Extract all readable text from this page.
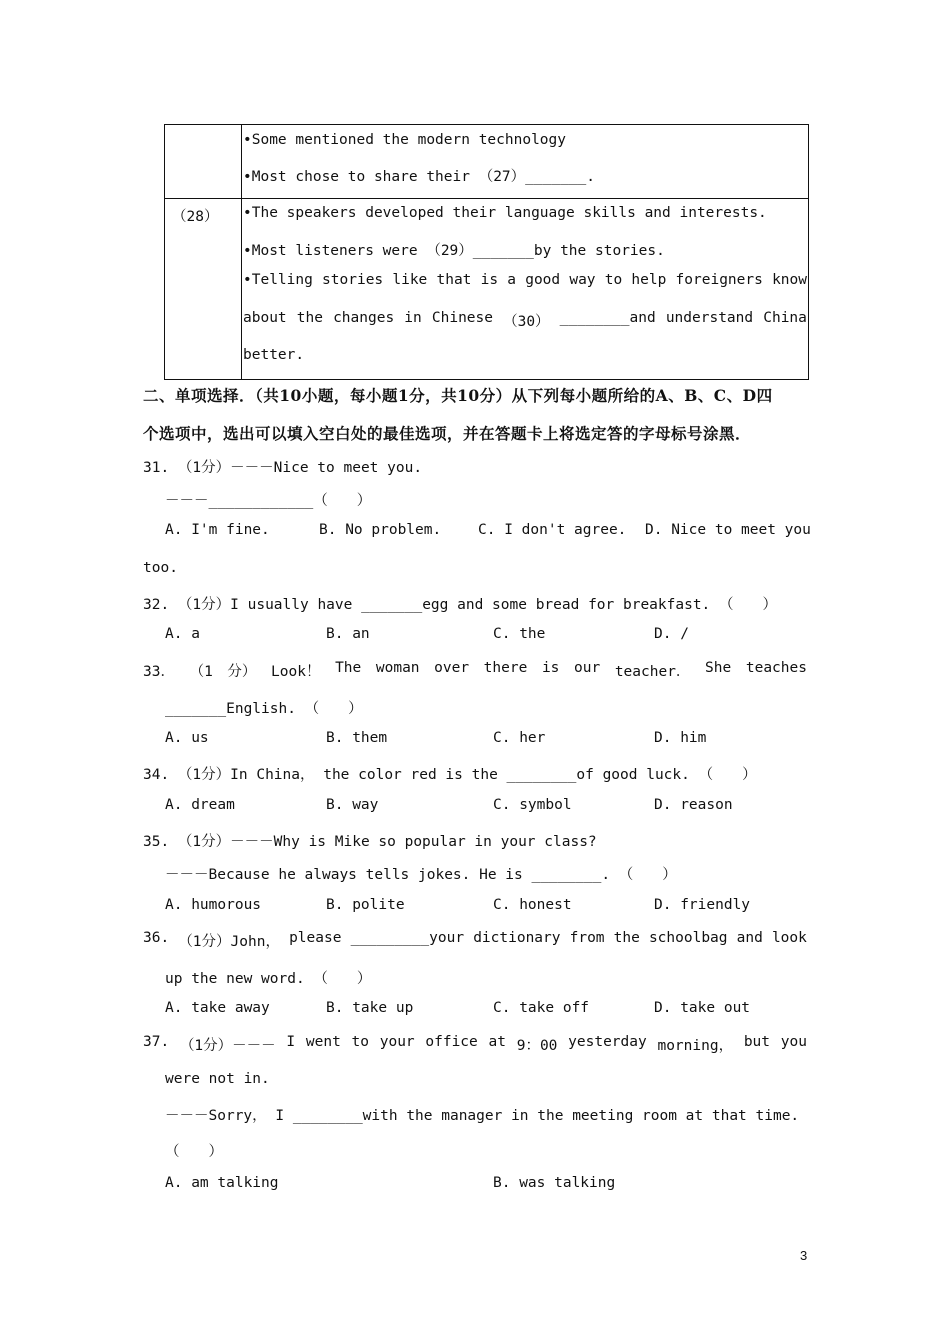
•Some mentioned the modern technology
•Most chose to share their （27）_______.
（28） •The speakers developed their language skills and interests.
•Most listeners were （29）_______by the stories.
•Telling stories like that is a good way to help foreigners know
about the changes in Chinese （30） ________and understand China
better.
二、单项选择．（共10小题，每小题1分，共10分）从下列每小题所给的A、B、C、D四
个选项中，选出可以填入空白处的最佳选项，并在答题卡上将选定答的字母标号涂黑．
31. （1分）－－－Nice to meet you.
－－－____________（　　）
A. I'm fine.	B. No problem.	C. I don't agree. D. Nice to meet you
too.
32. （1分）I usually have _______egg and some bread for breakfast. （　　）
A. a	B. an	C. the	D. /
33． （1 分） Look！ The woman over there is our teacher． She teaches
_______English. （　　）
A. us	B. them	C. her	D. him
34. （1分）In China， the color red is the ________of good luck. （　　）
A. dream	B. way	C. symbol	D. reason
35. （1分）－－－Why is Mike so popular in your class?
－－－Because he always tells jokes. He is ________. （　　）
A. humorous	B. polite	C. honest	D. friendly
36. （1分）John， please _________your dictionary from the schoolbag and look
up the new word. （　　）
A. take away	B. take up	C. take off	D. take out
37. （1分）－－－ I went to your office at 9：00 yesterday morning， but you
were not in.
－－－Sorry， I ________with the manager in the meeting room at that time.
（　　）
A. am talking	B. was talking
3
